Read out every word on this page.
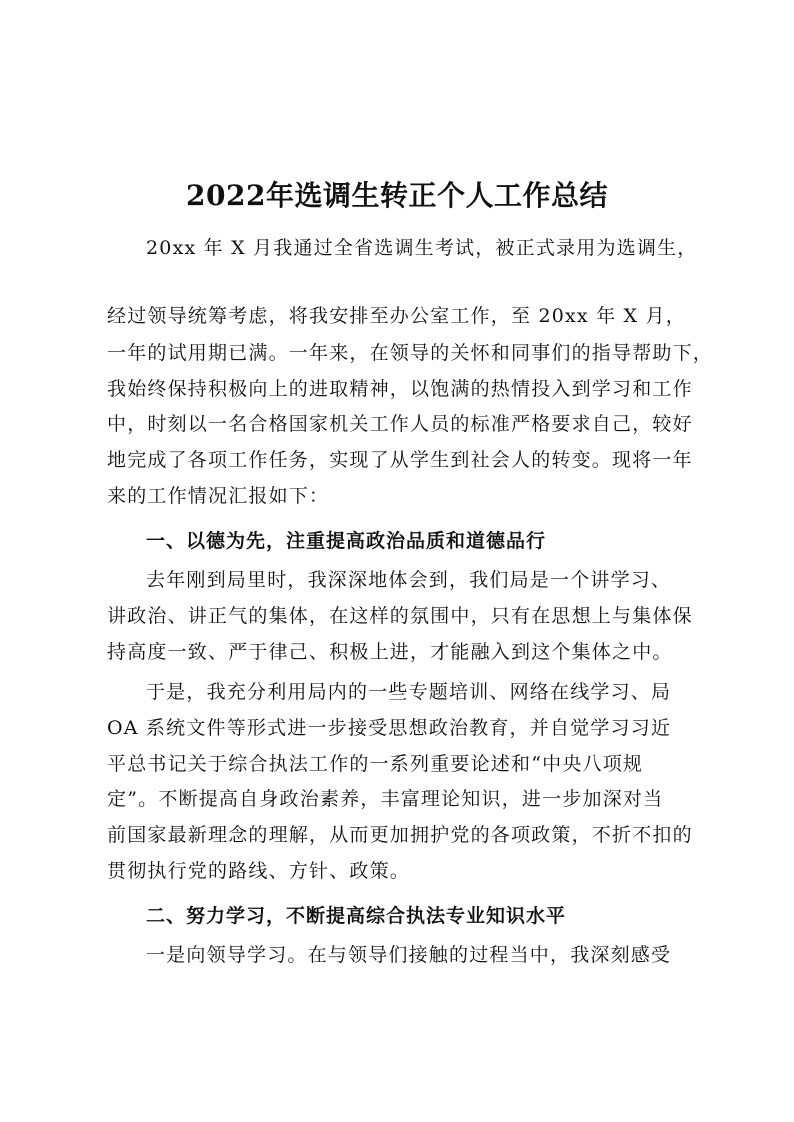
2022年选调生转正个人工作总结
20xx 年 X 月我通过全省选调生考试，被正式录用为选调生，
经过领导统筹考虑，将我安排至办公室工作，至 20xx 年 X 月，
一年的试用期已满。一年来，在领导的关怀和同事们的指导帮助下，
我始终保持积极向上的进取精神，以饱满的热情投入到学习和工作
中，时刻以一名合格国家机关工作人员的标准严格要求自己，较好
地完成了各项工作任务，实现了从学生到社会人的转变。现将一年
来的工作情况汇报如下：
一、以德为先，注重提高政治品质和道德品行
去年刚到局里时，我深深地体会到，我们局是一个讲学习、
讲政治、讲正气的集体，在这样的氛围中，只有在思想上与集体保
持高度一致、严于律己、积极上进，才能融入到这个集体之中。
于是，我充分利用局内的一些专题培训、网络在线学习、局
OA 系统文件等形式进一步接受思想政治教育，并自觉学习习近
平总书记关于综合执法工作的一系列重要论述和“中央八项规
定”。不断提高自身政治素养，丰富理论知识，进一步加深对当
前国家最新理念的理解，从而更加拥护党的各项政策，不折不扣的
贯彻执行党的路线、方针、政策。
二、努力学习，不断提高综合执法专业知识水平
一是向领导学习。在与领导们接触的过程当中，我深刻感受
